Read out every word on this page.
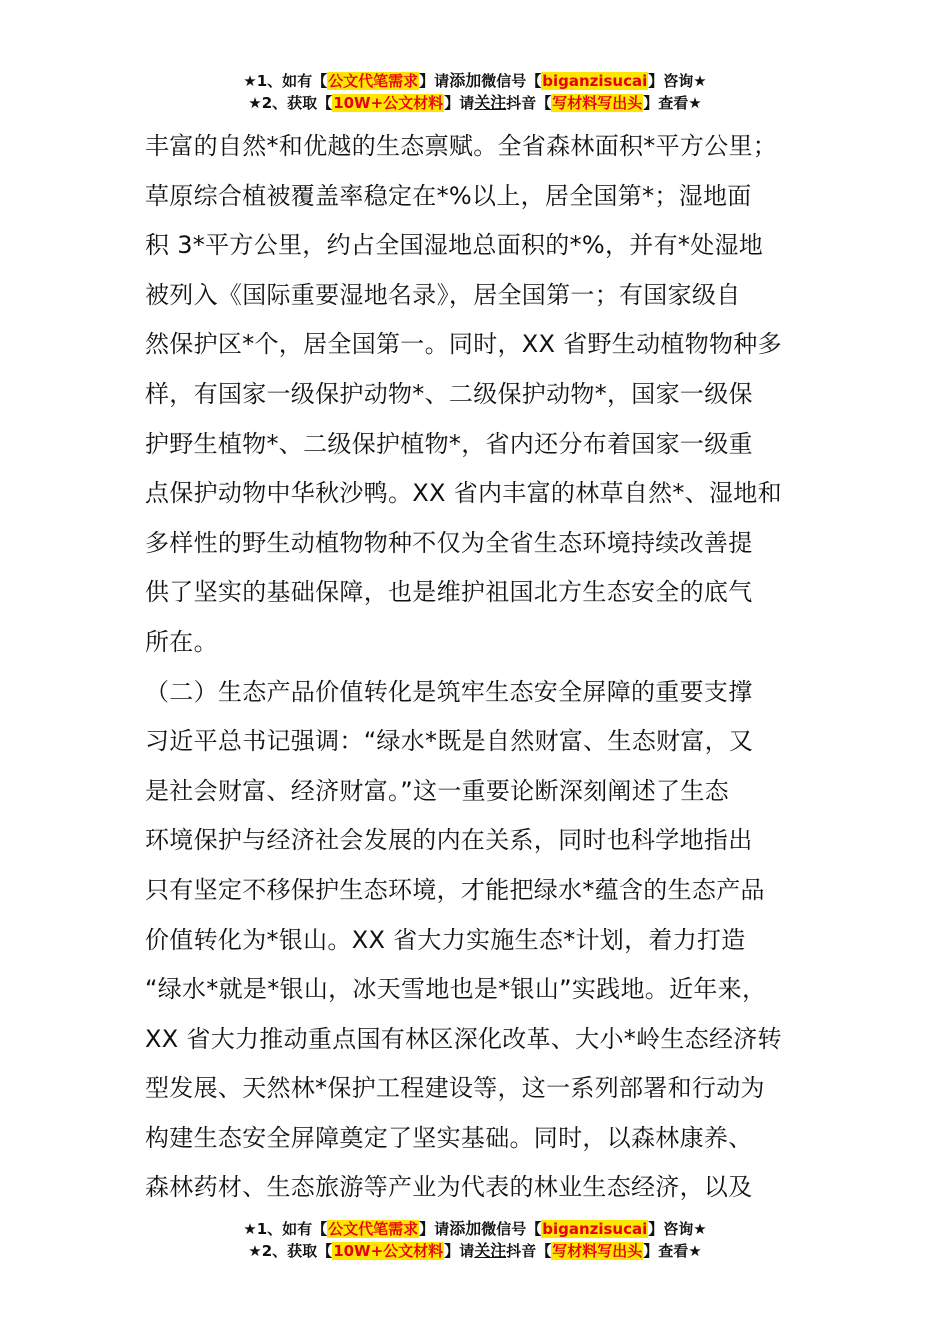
★1、如有【公文代笔需求】请添加微信号【biganzisucai】咨询★
★2、获取【10W+公文材料】请关注抖音【写材料写出头】查看★
丰富的自然*和优越的生态禀赋。全省森林面积*平方公里；
草原综合植被覆盖率稳定在*%以上，居全国第*；湿地面
积 3*平方公里，约占全国湿地总面积的*%，并有*处湿地
被列入《国际重要湿地名录》，居全国第一；有国家级自
然保护区*个，居全国第一。同时，XX 省野生动植物物种多
样，有国家一级保护动物*、二级保护动物*，国家一级保
护野生植物*、二级保护植物*，省内还分布着国家一级重
点保护动物中华秋沙鸭。XX 省内丰富的林草自然*、湿地和
多样性的野生动植物物种不仅为全省生态环境持续改善提
供了坚实的基础保障，也是维护祖国北方生态安全的底气
所在。
（二）生态产品价值转化是筑牢生态安全屏障的重要支撑
习近平总书记强调：“绿水*既是自然财富、生态财富，又
是社会财富、经济财富。”这一重要论断深刻阐述了生态
环境保护与经济社会发展的内在关系，同时也科学地指出
只有坚定不移保护生态环境，才能把绿水*蕴含的生态产品
价值转化为*银山。XX 省大力实施生态*计划，着力打造
“绿水*就是*银山，冰天雪地也是*银山”实践地。近年来，
XX 省大力推动重点国有林区深化改革、大小*岭生态经济转
型发展、天然林*保护工程建设等，这一系列部署和行动为
构建生态安全屏障奠定了坚实基础。同时，以森林康养、
森林药材、生态旅游等产业为代表的林业生态经济，以及
★1、如有【公文代笔需求】请添加微信号【biganzisucai】咨询★
★2、获取【10W+公文材料】请关注抖音【写材料写出头】查看★
